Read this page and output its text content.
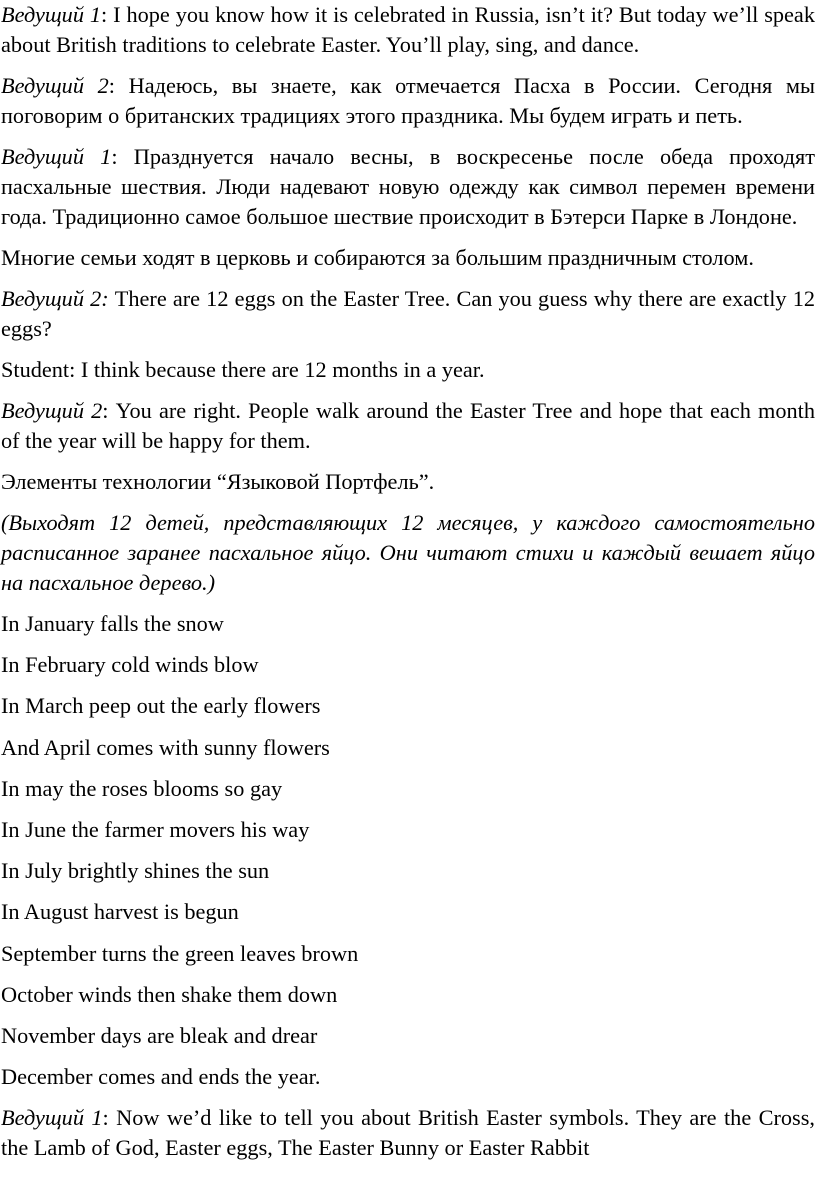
Ведущий 1: I hope you know how it is celebrated in Russia, isn’t it? But today we’ll speak about British traditions to celebrate Easter. You’ll play, sing, and dance.

Ведущий 2: Надеюсь, вы знаете, как отмечается Пасха в России. Сегодня мы поговорим о британских традициях этого праздника. Мы будем играть и петь.

Ведущий 1: Празднуется начало весны, в воскресенье после обеда проходят пасхальные шествия. Люди надевают новую одежду как символ перемен времени года. Традиционно самое большое шествие происходит в Бэтерси Парке в Лондоне.

Многие семьи ходят в церковь и собираются за большим праздничным столом.

Ведущий 2: There are 12 eggs on the Easter Tree. Can you guess why there are exactly 12 eggs?

Student: I think because there are 12 months in a year.

Ведущий 2: You are right. People walk around the Easter Tree and hope that each month of the year will be happy for them.

Элементы технологии “Языковой Портфель”.

(Выходят 12 детей, представляющих 12 месяцев, у каждого самостоятельно расписанное заранее пасхальное яйцо. Они читают стихи и каждый вешает яйцо на пасхальное дерево.)

In January falls the snow

In February cold winds blow

In March peep out the early flowers

And April comes with sunny flowers

In may the roses blooms so gay

In June the farmer movers his way

In July brightly shines the sun

In August harvest is begun

September turns the green leaves brown

October winds then shake them down

November days are bleak and drear

December comes and ends the year.

Ведущий 1: Now we’d like to tell you about British Easter symbols. They are the Cross, the Lamb of God, Easter eggs, The Easter Bunny or Easter Rabbit
